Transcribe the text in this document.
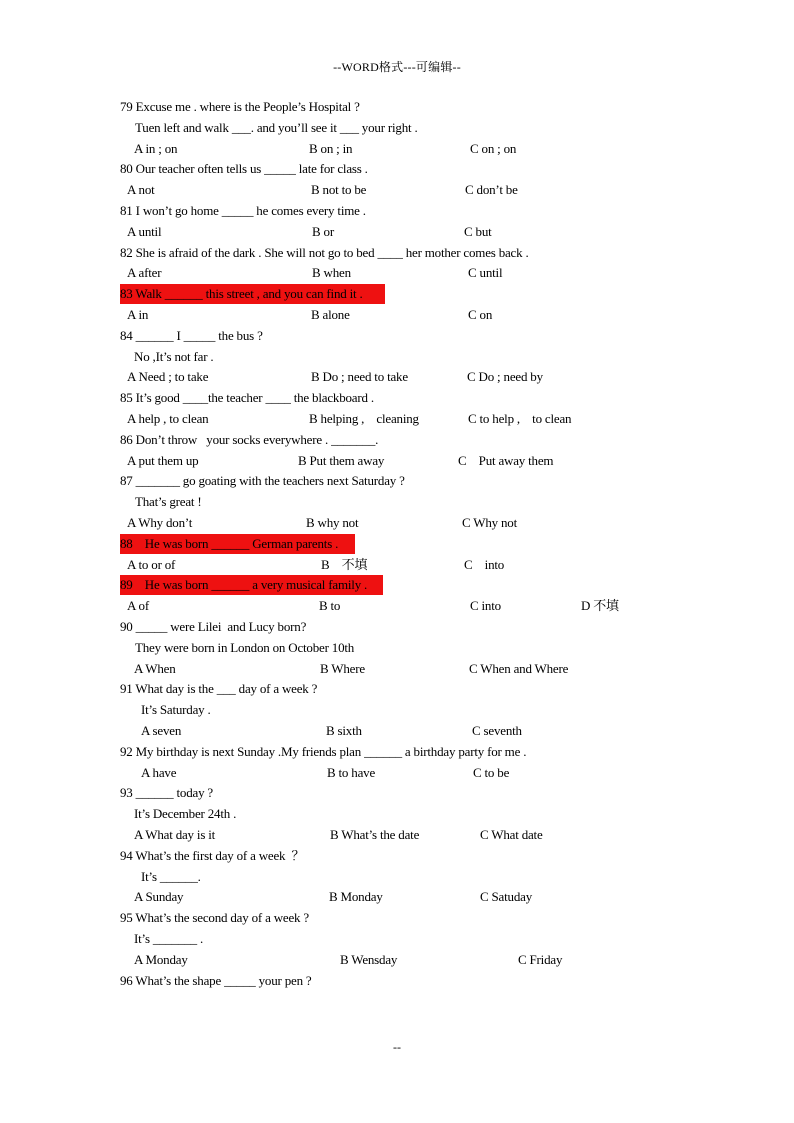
--WORD格式---可编辑--
79 Excuse me . where is the People’s Hospital ?
Tuen left and walk ___. and you’ll see it ___ your right .
A in ; on	B on ; in	C on ; on
80 Our teacher often tells us _____ late for class .
A not	B not to be	C don’t be
81 I won’t go home _____ he comes every time .
A until	B or	C but
82 She is afraid of the dark . She will not go to bed ____ her mother comes back .
A after	B when	C until
83 Walk ______ this street , and you can find it .
A in	B alone	C on
84 ______ I _____ the bus ?
No ,It’s not far .
A Need ; to take	B Do ; need to take	C Do ; need by
85 It’s good ____the teacher ____ the blackboard .
A help , to clean	B helping ,    cleaning	C to help ,    to clean
86 Don’t throw   your socks everywhere . _______.
A put them up	B Put them away	C    Put away them
87 _______ go goating with the teachers next Saturday ?
That’s great !
A Why don’t	B why not	C Why not
88    He was born ______ German parents .
A to or of	B    不填	C    into
89    He was born ______ a very musical family .
A of	B to	C into	D 不填
90 _____ were Lilei  and Lucy born?
They were born in London on October 10th
A When	B Where	C When and Where
91 What day is the ___ day of a week ?
It’s Saturday .
A seven	B sixth	C seventh
92 My birthday is next Sunday .My friends plan ______ a birthday party for me .
A have	B to have	C to be
93 ______ today ?
It’s December 24th .
A What day is it	B What’s the date	C What date
94 What’s the first day of a week  ？
It’s ______.
A Sunday	B Monday	C Satuday
95 What’s the second day of a week ?
It’s _______ .
A Monday	B Wensday	C Friday
96 What’s the shape _____ your pen ?
--
